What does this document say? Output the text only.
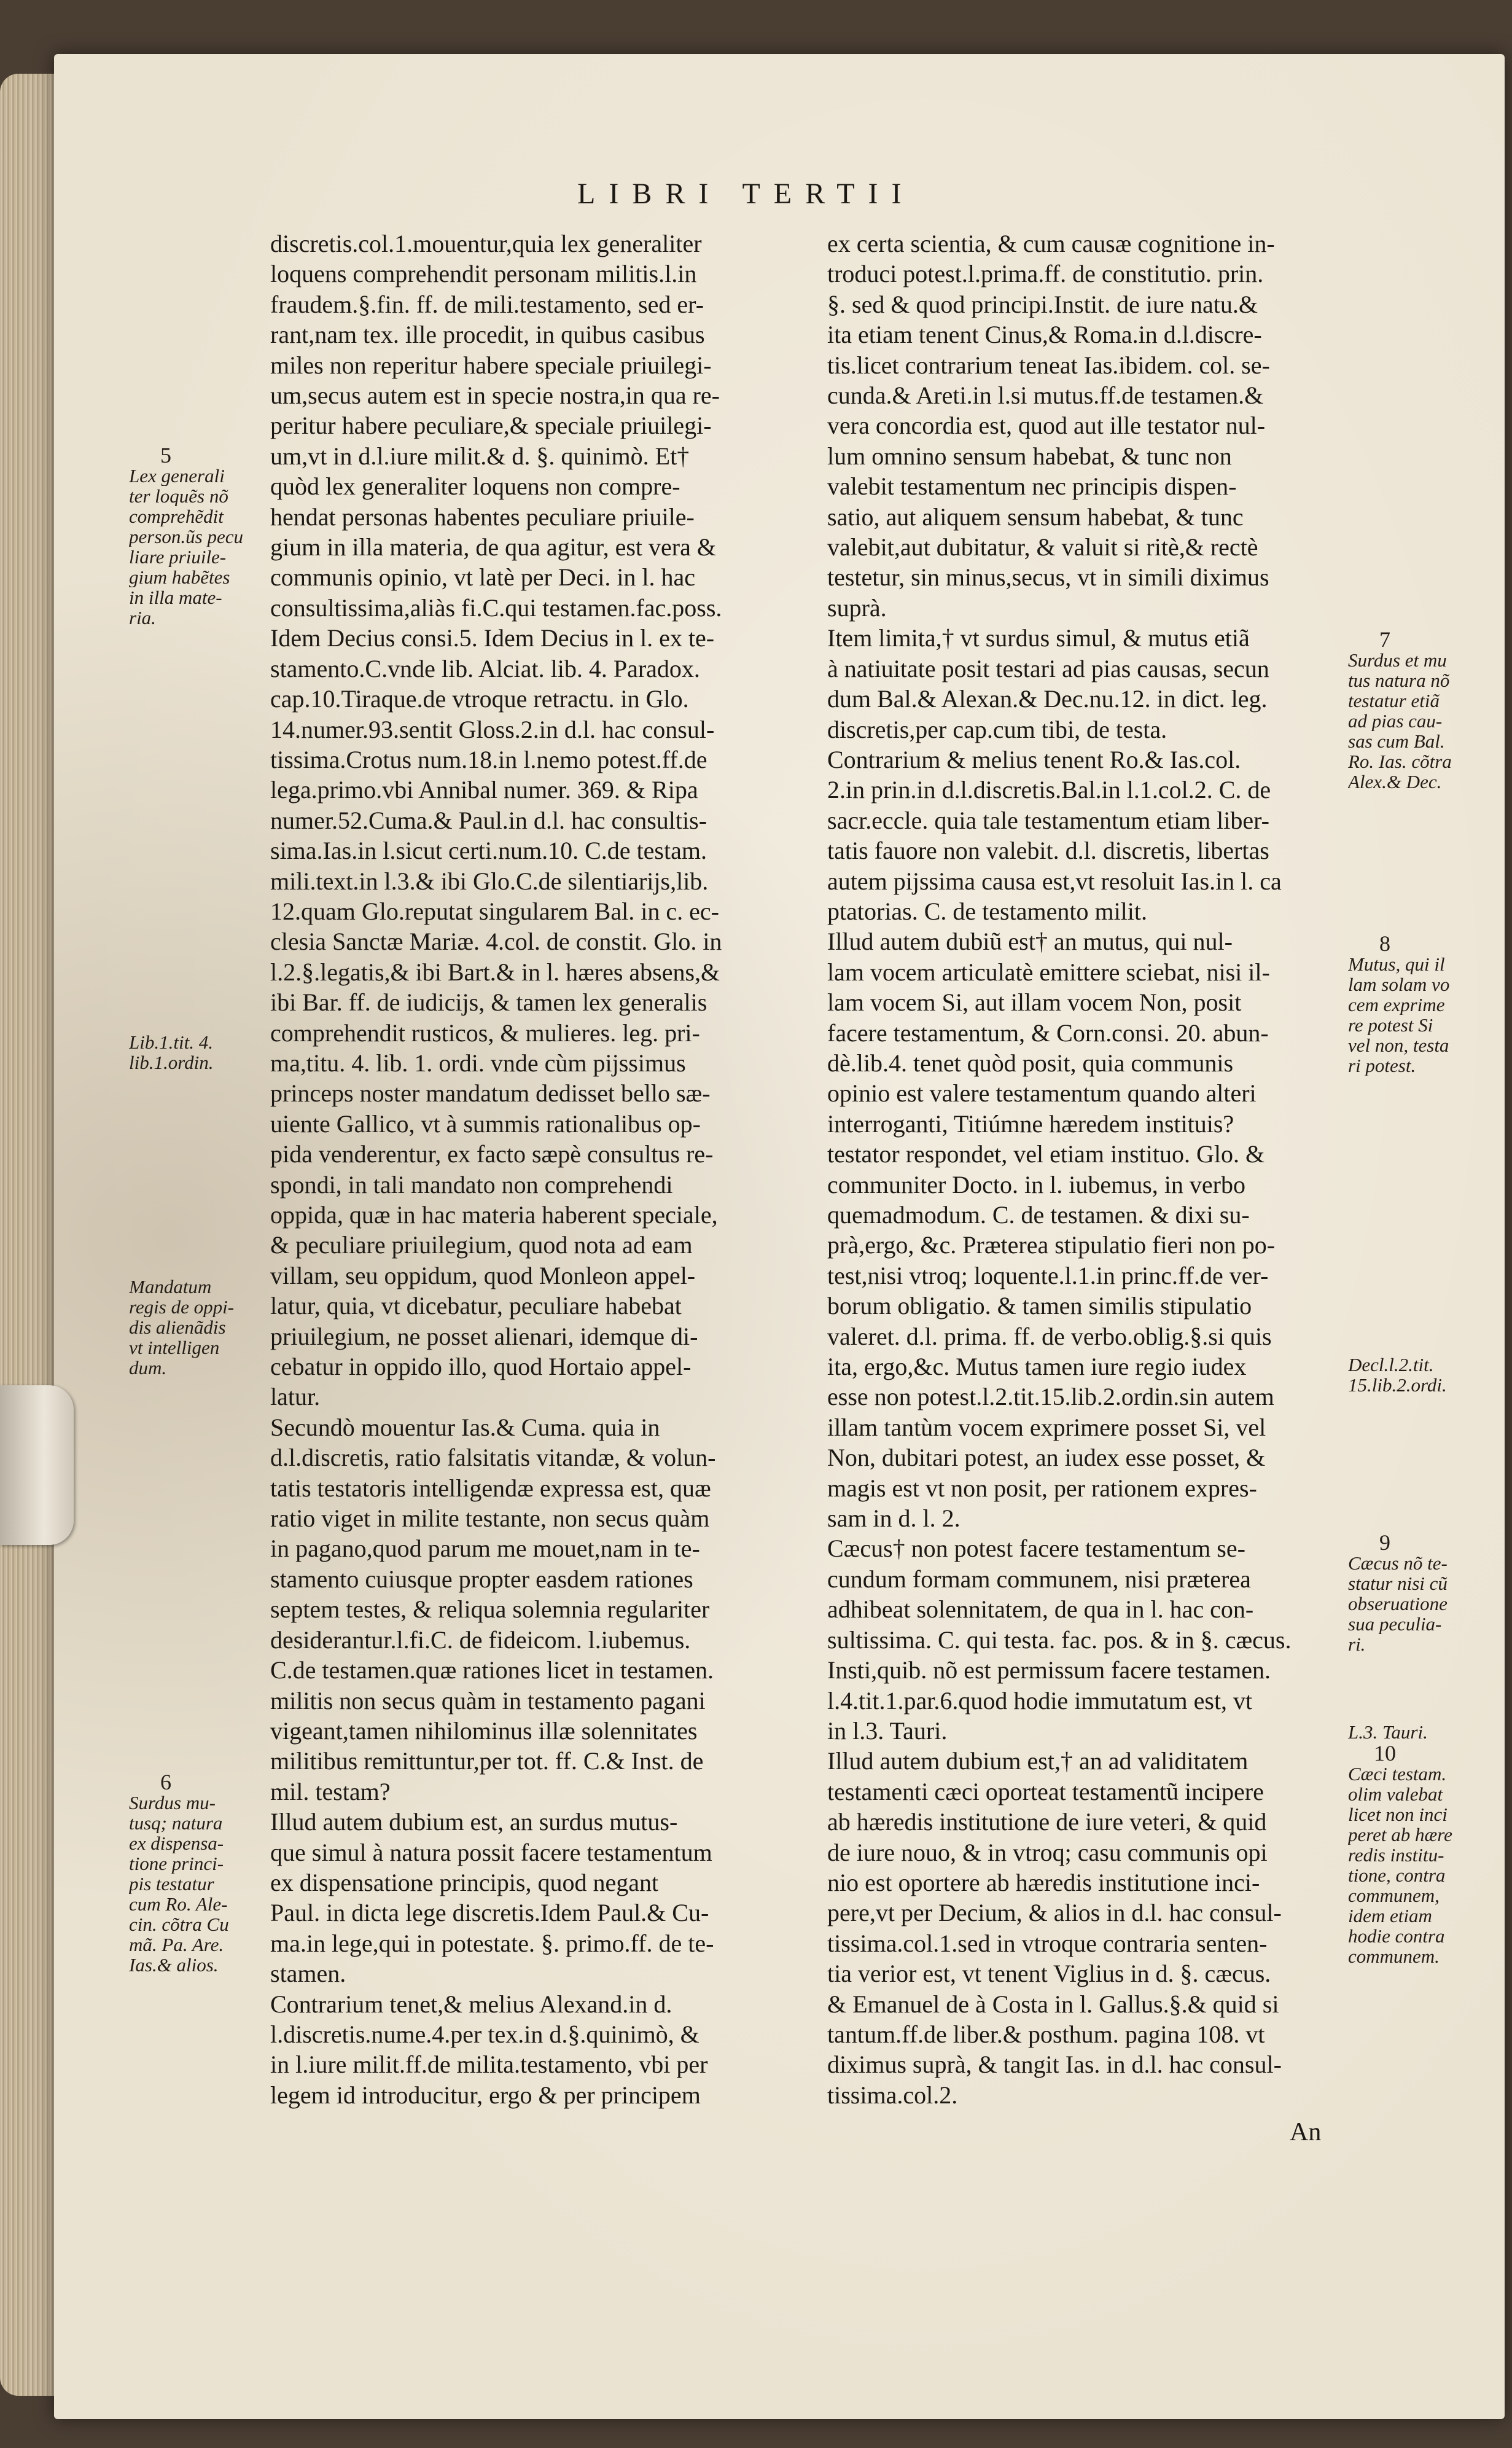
LIBRI TERTII
discretis.col.1.mouentur,quia lex generaliter
loquens comprehendit personam militis.l.in
fraudem.§.fin. ff. de mili.testamento, sed er-
rant,nam tex. ille procedit, in quibus casibus
miles non reperitur habere speciale priuilegi-
um,secus autem est in specie nostra,in qua re-
peritur habere peculiare,& speciale priuilegi-
um,vt in d.l.iure milit.& d. §. quinimò. Et†
quòd lex generaliter loquens non compre-
hendat personas habentes peculiare priuile-
gium in illa materia, de qua agitur, est vera &
communis opinio, vt latè per Deci. in l. hac
consultissima,aliàs fi.C.qui testamen.fac.poss.
Idem Decius consi.5. Idem Decius in l. ex te-
stamento.C.vnde lib. Alciat. lib. 4. Paradox.
cap.10.Tiraque.de vtroque retractu. in Glo.
14.numer.93.sentit Gloss.2.in d.l. hac consul-
tissima.Crotus num.18.in l.nemo potest.ff.de
lega.primo.vbi Annibal numer. 369. & Ripa
numer.52.Cuma.& Paul.in d.l. hac consultis-
sima.Ias.in l.sicut certi.num.10. C.de testam.
mili.text.in l.3.& ibi Glo.C.de silentiarijs,lib.
12.quam Glo.reputat singularem Bal. in c. ec-
clesia Sanctæ Mariæ. 4.col. de constit. Glo. in
l.2.§.legatis,& ibi Bart.& in l. hæres absens,&
ibi Bar. ff. de iudicijs, & tamen lex generalis
comprehendit rusticos, & mulieres. leg. pri-
ma,titu. 4. lib. 1. ordi. vnde cùm pijssimus
princeps noster mandatum dedisset bello sæ-
uiente Gallico, vt à summis rationalibus op-
pida venderentur, ex facto sæpè consultus re-
spondi, in tali mandato non comprehendi
oppida, quæ in hac materia haberent speciale,
& peculiare priuilegium, quod nota ad eam
villam, seu oppidum, quod Monleon appel-
latur, quia, vt dicebatur, peculiare habebat
priuilegium, ne posset alienari, idemque di-
cebatur in oppido illo, quod Hortaio appel-
latur.
Secundò mouentur Ias.& Cuma. quia in
d.l.discretis, ratio falsitatis vitandæ, & volun-
tatis testatoris intelligendæ expressa est, quæ
ratio viget in milite testante, non secus quàm
in pagano,quod parum me mouet,nam in te-
stamento cuiusque propter easdem rationes
septem testes, & reliqua solemnia regulariter
desiderantur.l.fi.C. de fideicom. l.iubemus.
C.de testamen.quæ rationes licet in testamen.
militis non secus quàm in testamento pagani
vigeant,tamen nihilominus illæ solennitates
militibus remittuntur,per tot. ff. C.& Inst. de
mil. testam?
Illud autem dubium est, an surdus mutus-
que simul à natura possit facere testamentum
ex dispensatione principis, quod negant
Paul. in dicta lege discretis.Idem Paul.& Cu-
ma.in lege,qui in potestate. §. primo.ff. de te-
stamen.
Contrarium tenet,& melius Alexand.in d.
l.discretis.nume.4.per tex.in d.§.quinimò, &
in l.iure milit.ff.de milita.testamento, vbi per
legem id introducitur, ergo & per principem
ex certa scientia, & cum causæ cognitione in-
troduci potest.l.prima.ff. de constitutio. prin.
§. sed & quod principi.Instit. de iure natu.&
ita etiam tenent Cinus,& Roma.in d.l.discre-
tis.licet contrarium teneat Ias.ibidem. col. se-
cunda.& Areti.in l.si mutus.ff.de testamen.&
vera concordia est, quod aut ille testator nul-
lum omnino sensum habebat, & tunc non
valebit testamentum nec principis dispen-
satio, aut aliquem sensum habebat, & tunc
valebit,aut dubitatur, & valuit si ritè,& rectè
testetur, sin minus,secus, vt in simili diximus
suprà.
Item limita,† vt surdus simul, & mutus etiã
à natiuitate posit testari ad pias causas, secun
dum Bal.& Alexan.& Dec.nu.12. in dict. leg.
discretis,per cap.cum tibi, de testa.
Contrarium & melius tenent Ro.& Ias.col.
2.in prin.in d.l.discretis.Bal.in l.1.col.2. C. de
sacr.eccle. quia tale testamentum etiam liber-
tatis fauore non valebit. d.l. discretis, libertas
autem pijssima causa est,vt resoluit Ias.in l. ca
ptatorias. C. de testamento milit.
Illud autem dubiũ est† an mutus, qui nul-
lam vocem articulatè emittere sciebat, nisi il-
lam vocem Si, aut illam vocem Non, posit
facere testamentum, & Corn.consi. 20. abun-
dè.lib.4. tenet quòd posit, quia communis
opinio est valere testamentum quando alteri
interroganti, Titiúmne hæredem instituis?
testator respondet, vel etiam instituo. Glo. &
communiter Docto. in l. iubemus, in verbo
quemadmodum. C. de testamen. & dixi su-
prà,ergo, &c. Præterea stipulatio fieri non po-
test,nisi vtroq; loquente.l.1.in princ.ff.de ver-
borum obligatio. & tamen similis stipulatio
valeret. d.l. prima. ff. de verbo.oblig.§.si quis
ita, ergo,&c. Mutus tamen iure regio iudex
esse non potest.l.2.tit.15.lib.2.ordin.sin autem
illam tantùm vocem exprimere posset Si, vel
Non, dubitari potest, an iudex esse posset, &
magis est vt non posit, per rationem expres-
sam in d. l. 2.
Cæcus† non potest facere testamentum se-
cundum formam communem, nisi præterea
adhibeat solennitatem, de qua in l. hac con-
sultissima. C. qui testa. fac. pos. & in §. cæcus.
Insti,quib. nõ est permissum facere testamen.
l.4.tit.1.par.6.quod hodie immutatum est, vt
in l.3. Tauri.
Illud autem dubium est,† an ad validitatem
testamenti cæci oporteat testamentũ incipere
ab hæredis institutione de iure veteri, & quid
de iure nouo, & in vtroq; casu communis opi
nio est oportere ab hæredis institutione inci-
pere,vt per Decium, & alios in d.l. hac consul-
tissima.col.1.sed in vtroque contraria senten-
tia verior est, vt tenent Viglius in d. §. cæcus.
& Emanuel de à Costa in l. Gallus.§.& quid si
tantum.ff.de liber.& posthum. pagina 108. vt
diximus suprà, & tangit Ias. in d.l. hac consul-
tissima.col.2.
5
Lex generali
ter loquẽs nõ
comprehẽdit
person.ũs pecu
liare priuile-
gium habẽtes
in illa mate-
ria.
Lib.1.tit. 4.
lib.1.ordin.
Mandatum
regis de oppi-
dis alienãdis
vt intelligen
dum.
6
Surdus mu-
tusq; natura
ex dispensa-
tione princi-
pis testatur
cum Ro. Ale-
cin. cõtra Cu
mã. Pa. Are.
Ias.& alios.
7
Surdus et mu
tus natura nõ
testatur etiã
ad pias cau-
sas cum Bal.
Ro. Ias. cõtra
Alex.& Dec.
8
Mutus, qui il
lam solam vo
cem exprime
re potest Si
vel non, testa
ri potest.
Decl.l.2.tit.
15.lib.2.ordi.
9
Cæcus nõ te-
statur nisi cũ
obseruatione
sua peculia-
ri.
L.3. Tauri.
10
Cæci testam.
olim valebat
licet non inci
peret ab hære
redis institu-
tione, contra
communem,
idem etiam
hodie contra
communem.
An
